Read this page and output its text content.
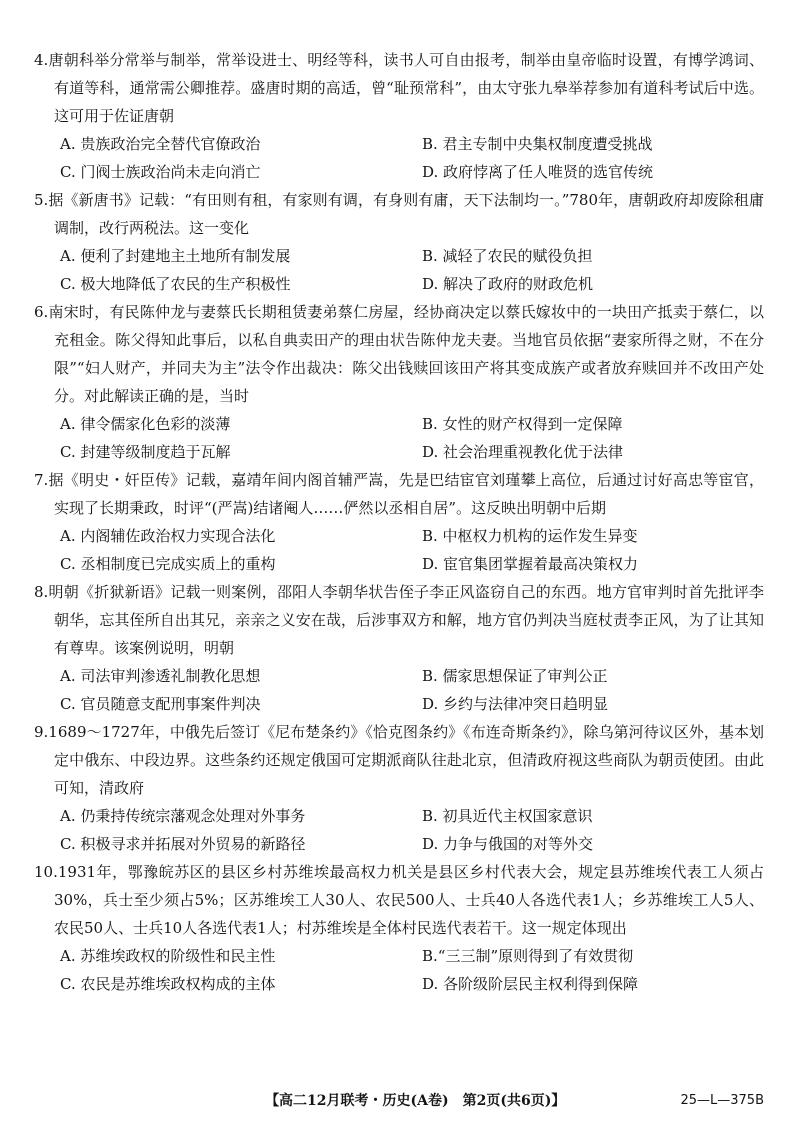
4.唐朝科举分常举与制举，常举设进士、明经等科，读书人可自由报考，制举由皇帝临时设置，有博学鸿词、有道等科，通常需公卿推荐。盛唐时期的高适，曾“耻预常科”，由太守张九皋举荐参加有道科考试后中选。这可用于佐证唐朝

A. 贵族政治完全替代官僚政治	B. 君主专制中央集权制度遭受挑战
C. 门阀士族政治尚未走向消亡	D. 政府悖离了任人唯贤的选官传统

5.据《新唐书》记载：“有田则有租，有家则有调，有身则有庸，天下法制均一。”780年，唐朝政府却废除租庸调制，改行两税法。这一变化

A. 便利了封建地主土地所有制发展	B. 减轻了农民的赋役负担
C. 极大地降低了农民的生产积极性	D. 解决了政府的财政危机

6.南宋时，有民陈仲龙与妻蔡氏长期租赁妻弟蔡仁房屋，经协商决定以蔡氏嫁妆中的一块田产抵卖于蔡仁，以充租金。陈父得知此事后，以私自典卖田产的理由状告陈仲龙夫妻。当地官员依据“妻家所得之财，不在分限”“妇人财产，并同夫为主”法令作出裁决：陈父出钱赎回该田产将其变成族产或者放弃赎回并不改田产处分。对此解读正确的是，当时

A. 律令儒家化色彩的淡薄	B. 女性的财产权得到一定保障
C. 封建等级制度趋于瓦解	D. 社会治理重视教化优于法律

7.据《明史・奸臣传》记载，嘉靖年间内阁首辅严嵩，先是巴结宦官刘瑾攀上高位，后通过讨好高忠等宦官，实现了长期秉政，时评“(严嵩)结诸阉人……俨然以丞相自居”。这反映出明朝中后期

A. 内阁辅佐政治权力实现合法化	B. 中枢权力机构的运作发生异变
C. 丞相制度已完成实质上的重构	D. 宦官集团掌握着最高决策权力

8.明朝《折狱新语》记载一则案例，邵阳人李朝华状告侄子李正风盗窃自己的东西。地方官审判时首先批评李朝华，忘其侄所自出其兄，亲亲之义安在哉，后涉事双方和解，地方官仍判决当庭杖责李正风，为了让其知有尊卑。该案例说明，明朝

A. 司法审判渗透礼制教化思想	B. 儒家思想保证了审判公正
C. 官员随意支配刑事案件判决	D. 乡约与法律冲突日趋明显

9.1689～1727年，中俄先后签订《尼布楚条约》《恰克图条约》《布连奇斯条约》，除乌第河待议区外，基本划定中俄东、中段边界。这些条约还规定俄国可定期派商队往赴北京，但清政府视这些商队为朝贡使团。由此可知，清政府

A. 仍秉持传统宗藩观念处理对外事务	B. 初具近代主权国家意识
C. 积极寻求并拓展对外贸易的新路径	D. 力争与俄国的对等外交

10.1931年，鄂豫皖苏区的县区乡村苏维埃最高权力机关是县区乡村代表大会，规定县苏维埃代表工人须占30%，兵士至少须占5%；区苏维埃工人30人、农民500人、士兵40人各选代表1人；乡苏维埃工人5人、农民50人、士兵10人各选代表1人；村苏维埃是全体村民选代表若干。这一规定体现出

A. 苏维埃政权的阶级性和民主性	B.“三三制”原则得到了有效贯彻
C. 农民是苏维埃政权构成的主体	D. 各阶级阶层民主权利得到保障
【高二12月联考・历史(A卷)　第2页(共6页)】	25—L—375B
